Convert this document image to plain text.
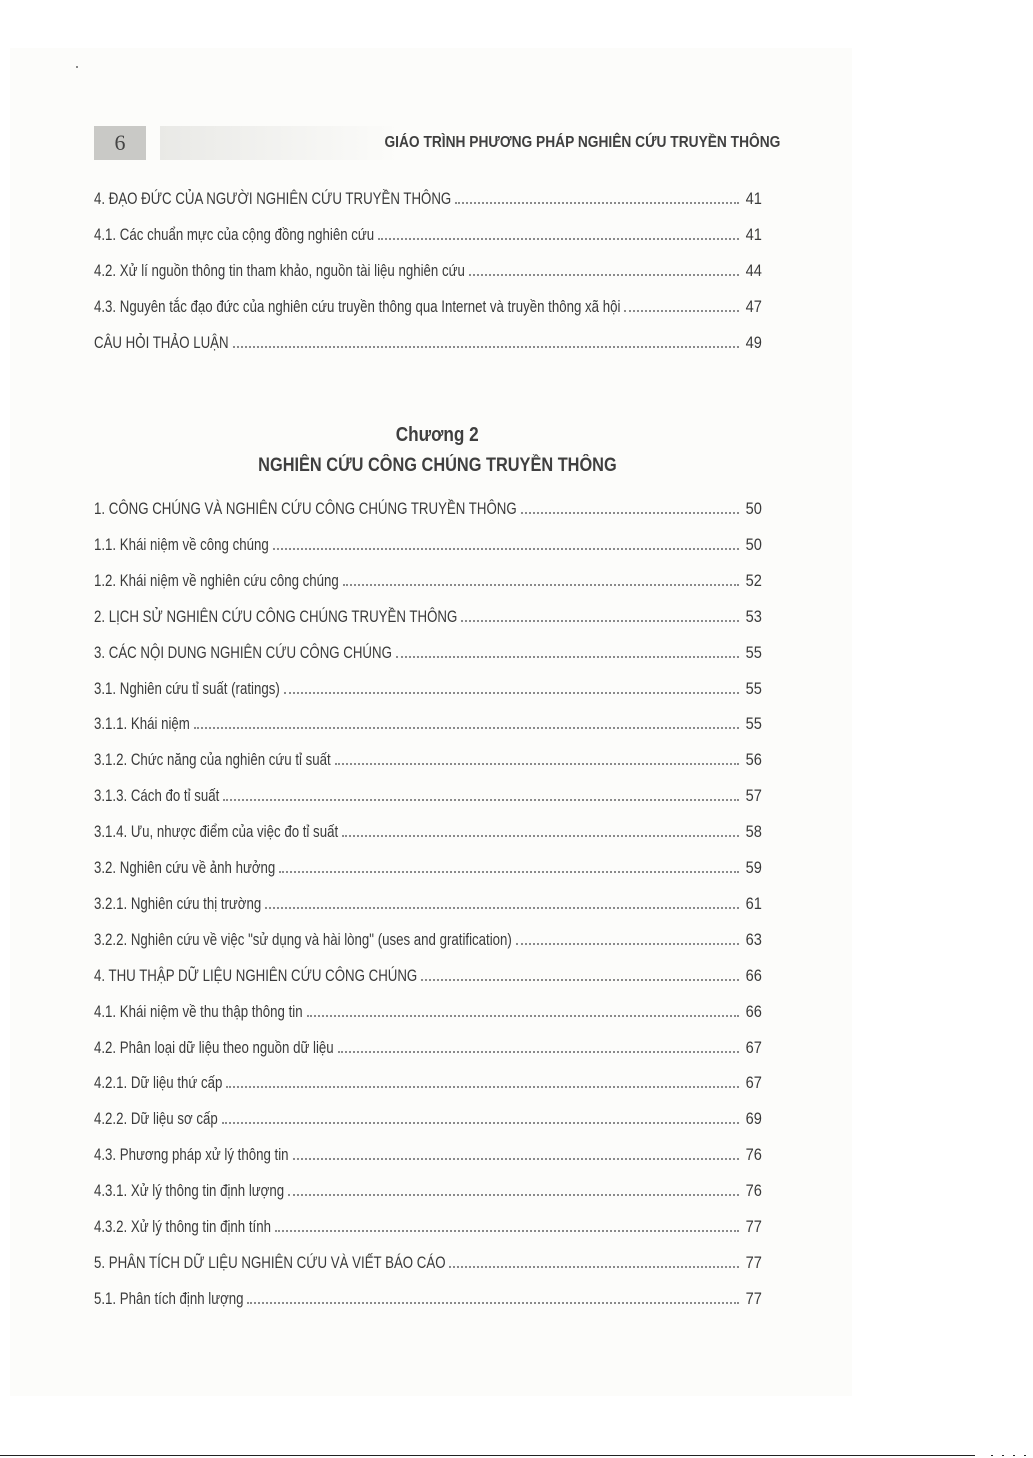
6	GIÁO TRÌNH PHƯƠNG PHÁP NGHIÊN CỨU TRUYỀN THÔNG
4. ĐẠO ĐỨC CỦA NGƯỜI NGHIÊN CỨU TRUYỀN THÔNG	41
4.1. Các chuẩn mực của cộng đồng nghiên cứu	41
4.2. Xử lí nguồn thông tin tham khảo, nguồn tài liệu nghiên cứu	44
4.3. Nguyên tắc đạo đức của nghiên cứu truyền thông qua Internet và truyền thông xã hội	47
CÂU HỎI THẢO LUẬN	49
Chương 2
NGHIÊN CỨU CÔNG CHÚNG TRUYỀN THÔNG
1. CÔNG CHÚNG VÀ NGHIÊN CỨU CÔNG CHÚNG TRUYỀN THÔNG	50
1.1. Khái niệm về công chúng	50
1.2. Khái niệm về nghiên cứu công chúng	52
2. LỊCH SỬ NGHIÊN CỨU CÔNG CHÚNG TRUYỀN THÔNG	53
3. CÁC NỘI DUNG NGHIÊN CỨU CÔNG CHÚNG	55
3.1. Nghiên cứu tỉ suất (ratings)	55
3.1.1. Khái niệm	55
3.1.2. Chức năng của nghiên cứu tỉ suất	56
3.1.3. Cách đo tỉ suất	57
3.1.4. Ưu, nhược điểm của việc đo tỉ suất	58
3.2. Nghiên cứu về ảnh hưởng	59
3.2.1. Nghiên cứu thị trường	61
3.2.2. Nghiên cứu về việc "sử dụng và hài lòng" (uses and gratification)	63
4. THU THẬP DỮ LIỆU NGHIÊN CỨU CÔNG CHÚNG	66
4.1. Khái niệm về thu thập thông tin	66
4.2. Phân loại dữ liệu theo nguồn dữ liệu	67
4.2.1. Dữ liệu thứ cấp	67
4.2.2. Dữ liệu sơ cấp	69
4.3. Phương pháp xử lý thông tin	76
4.3.1. Xử lý thông tin định lượng	76
4.3.2. Xử lý thông tin định tính	77
5. PHÂN TÍCH DỮ LIỆU NGHIÊN CỨU VÀ VIẾT BÁO CÁO	77
5.1. Phân tích định lượng	77
